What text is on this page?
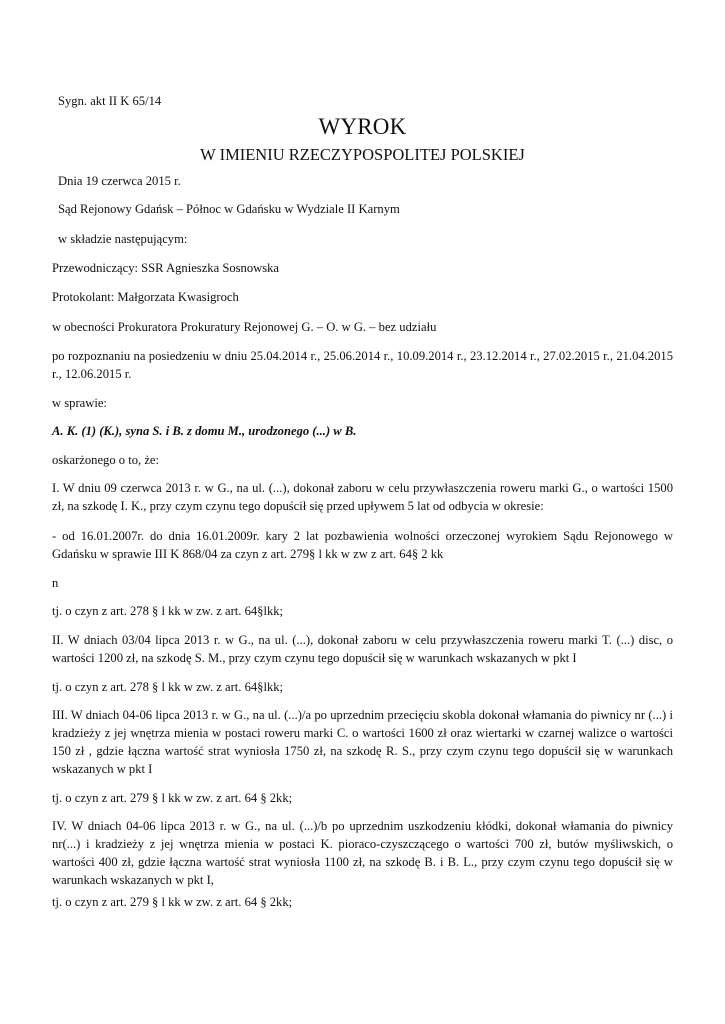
Sygn. akt II K 65/14

WYROK

W IMIENIU RZECZYPOSPOLITEJ POLSKIEJ

Dnia 19 czerwca 2015 r.

Sąd Rejonowy Gdańsk – Północ w Gdańsku w Wydziale II Karnym

w składzie następującym:

Przewodniczący: SSR Agnieszka Sosnowska

Protokolant: Małgorzata Kwasigroch

w obecności Prokuratora Prokuratury Rejonowej G. – O. w G. – bez udziału

po rozpoznaniu na posiedzeniu w dniu 25.04.2014 r., 25.06.2014 r., 10.09.2014 r., 23.12.2014 r., 27.02.2015 r., 21.04.2015 r., 12.06.2015 r.

w sprawie:

A. K. (1) (K.), syna S. i B. z domu M., urodzonego (...) w B.

oskarżonego o to, że:

I. W dniu 09 czerwca 2013 r. w G., na ul. (...), dokonał zaboru w celu przywłaszczenia roweru marki G., o wartości 1500 zł, na szkodę I. K., przy czym czynu tego dopuścił się przed upływem 5 lat od odbycia w okresie:

- od 16.01.2007r. do dnia 16.01.2009r. kary 2 lat pozbawienia wolności orzeczonej wyrokiem Sądu Rejonowego w Gdańsku w sprawie III K 868/04 za czyn z art. 279§ l kk w zw z art. 64§ 2 kk

n

tj. o czyn z art. 278 § l kk w zw. z art. 64§lkk;

II. W dniach 03/04 lipca 2013 r. w G., na ul. (...), dokonał zaboru w celu przywłaszczenia roweru marki T. (...) disc, o wartości 1200 zł, na szkodę S. M., przy czym czynu tego dopuścił się w warunkach wskazanych w pkt I

tj. o czyn z art. 278 § l kk w zw. z art. 64§lkk;

III. W dniach 04-06 lipca 2013 r. w G., na ul. (...)/a po uprzednim przecięciu skobla dokonał włamania do piwnicy nr (...) i kradzieży z jej wnętrza mienia w postaci roweru marki C. o wartości 1600 zł oraz wiertarki w czarnej walizce o wartości 150 zł , gdzie łączna wartość strat wyniosła 1750 zł, na szkodę R. S., przy czym czynu tego dopuścił się w warunkach wskazanych w pkt I

tj. o czyn z art. 279 § l kk w zw. z art. 64 § 2kk;

IV. W dniach 04-06 lipca 2013 r. w G., na ul. (...)/b po uprzednim uszkodzeniu kłódki, dokonał włamania do piwnicy nr(...) i kradzieży z jej wnętrza mienia w postaci K. pioraco-czyszczącego o wartości 700 zł, butów myśliwskich, o wartości 400 zł, gdzie łączna wartość strat wyniosła 1100 zł, na szkodę B. i B. L., przy czym czynu tego dopuścił się w warunkach wskazanych w pkt I,

tj. o czyn z art. 279 § l kk w zw. z art. 64 § 2kk;
